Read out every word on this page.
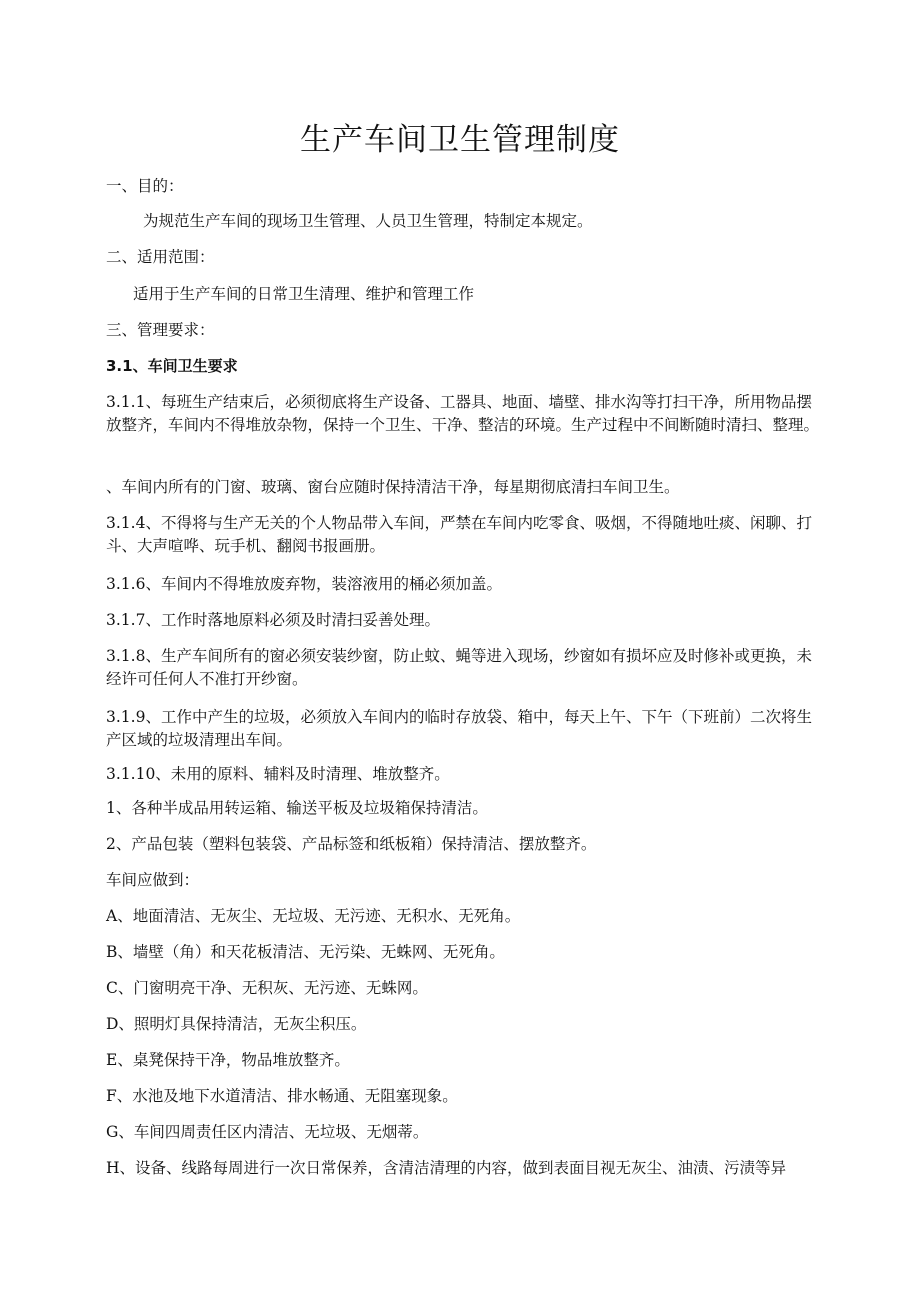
生产车间卫生管理制度

一、目的：

为规范生产车间的现场卫生管理、人员卫生管理，特制定本规定。

二、适用范围：

适用于生产车间的日常卫生清理、维护和管理工作

三、管理要求：

3.1、车间卫生要求

3.1.1、每班生产结束后，必须彻底将生产设备、工器具、地面、墙壁、排水沟等打扫干净，所用物品摆放整齐，车间内不得堆放杂物，保持一个卫生、干净、整洁的环境。生产过程中不间断随时清扫、整理。

、车间内所有的门窗、玻璃、窗台应随时保持清洁干净，每星期彻底清扫车间卫生。

3.1.4、不得将与生产无关的个人物品带入车间，严禁在车间内吃零食、吸烟，不得随地吐痰、闲聊、打斗、大声喧哗、玩手机、翻阅书报画册。

3.1.6、车间内不得堆放废弃物，装溶液用的桶必须加盖。

3.1.7、工作时落地原料必须及时清扫妥善处理。

3.1.8、生产车间所有的窗必须安装纱窗，防止蚊、蝇等进入现场，纱窗如有损坏应及时修补或更换，未经许可任何人不准打开纱窗。

3.1.9、工作中产生的垃圾，必须放入车间内的临时存放袋、箱中，每天上午、下午（下班前）二次将生产区域的垃圾清理出车间。

3.1.10、未用的原料、辅料及时清理、堆放整齐。

1、各种半成品用转运箱、输送平板及垃圾箱保持清洁。

2、产品包装（塑料包装袋、产品标签和纸板箱）保持清洁、摆放整齐。

车间应做到：

A、地面清洁、无灰尘、无垃圾、无污迹、无积水、无死角。

B、墙壁（角）和天花板清洁、无污染、无蛛网、无死角。

C、门窗明亮干净、无积灰、无污迹、无蛛网。

D、照明灯具保持清洁，无灰尘积压。

E、桌凳保持干净，物品堆放整齐。

F、水池及地下水道清洁、排水畅通、无阻塞现象。

G、车间四周责任区内清洁、无垃圾、无烟蒂。

H、设备、线路每周进行一次日常保养，含清洁清理的内容，做到表面目视无灰尘、油渍、污渍等异
